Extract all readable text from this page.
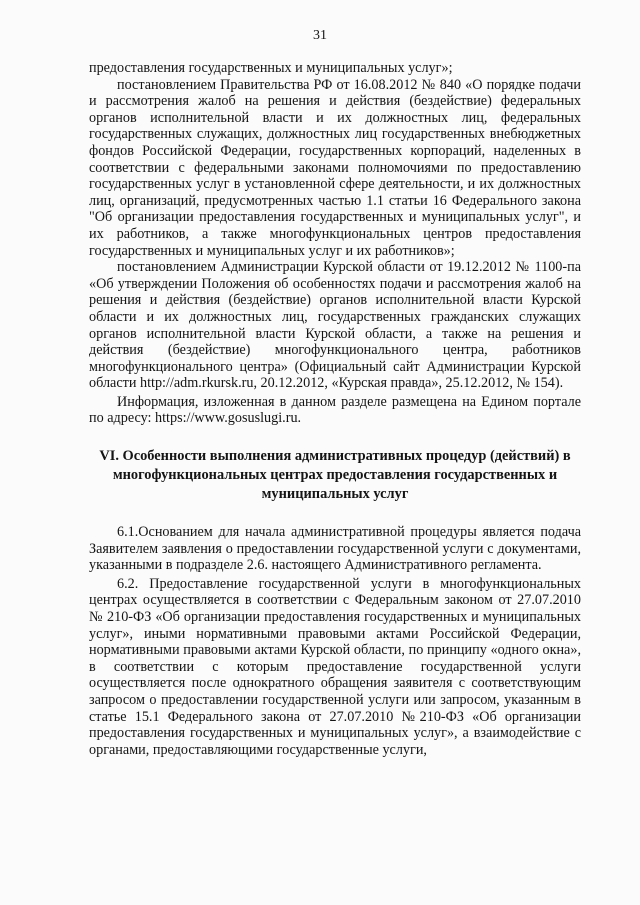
31

предоставления государственных и муниципальных услуг»;

постановлением Правительства РФ от 16.08.2012 № 840 «О порядке подачи и рассмотрения жалоб на решения и действия (бездействие) федеральных органов исполнительной власти и их должностных лиц, федеральных государственных служащих, должностных лиц государственных внебюджетных фондов Российской Федерации, государственных корпораций, наделенных в соответствии с федеральными законами полномочиями по предоставлению государственных услуг в установленной сфере деятельности, и их должностных лиц, организаций, предусмотренных частью 1.1 статьи 16 Федерального закона "Об организации предоставления государственных и муниципальных услуг", и их работников, а также многофункциональных центров предоставления государственных и муниципальных услуг и их работников»;

постановлением Администрации Курской области от 19.12.2012 № 1100-па «Об утверждении Положения об особенностях подачи и рассмотрения жалоб на решения и действия (бездействие) органов исполнительной власти Курской области и их должностных лиц, государственных гражданских служащих органов исполнительной власти Курской области, а также на решения и действия (бездействие) многофункционального центра, работников многофункционального центра» (Официальный сайт Администрации Курской области http://adm.rkursk.ru, 20.12.2012, «Курская правда», 25.12.2012, № 154).

Информация, изложенная в данном разделе размещена на Едином портале по адресу: https://www.gosuslugi.ru.

VI. Особенности выполнения административных процедур (действий) в многофункциональных центрах предоставления государственных и муниципальных услуг

6.1.Основанием для начала административной процедуры является подача Заявителем заявления о предоставлении государственной услуги с документами, указанными в подразделе 2.6. настоящего Административного регламента.

6.2. Предоставление государственной услуги в многофункциональных центрах осуществляется в соответствии с Федеральным законом от 27.07.2010 № 210-ФЗ «Об организации предоставления государственных и муниципальных услуг», иными нормативными правовыми актами Российской Федерации, нормативными правовыми актами Курской области, по принципу «одного окна», в соответствии с которым предоставление государственной услуги осуществляется после однократного обращения заявителя с соответствующим запросом о предоставлении государственной услуги или запросом, указанным в статье 15.1 Федерального закона от 27.07.2010 №210-ФЗ «Об организации предоставления государственных и муниципальных услуг», а взаимодействие с органами, предоставляющими государственные услуги,
